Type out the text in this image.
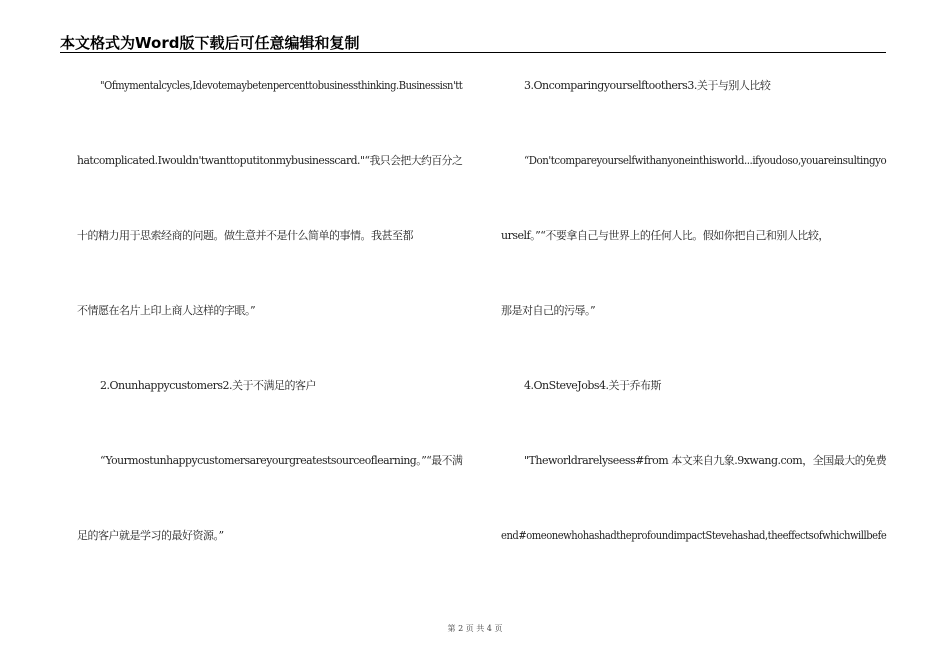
本文格式为Word版下载后可任意编辑和复制
"Ofmymentalcycles,Idevotemaybetenpercenttobusinessthinking.Businessisn'tt
hatcomplicated.Iwouldn'twanttoputitonmybusinesscard."“我只会把大约百分之
十的精力用于思索经商的问题。做生意并不是什么简单的事情。我甚至都
不情愿在名片上印上商人这样的字眼。”
2.Onunhappycustomers2.关于不满足的客户
“Yourmostunhappycustomersareyourgreatestsourceoflearning。”“最不满
足的客户就是学习的最好资源。”
3.Oncomparingyourselftoothers3.关于与别人比较
“Don'tcompareyourselfwithanyoneinthisworld...ifyoudoso,youareinsultingyo
urself。”“不要拿自己与世界上的任何人比。假如你把自己和别人比较，
那是对自己的污辱。”
4.OnSteveJobs4.关于乔布斯
"Theworldrarelyseess#from 本文来自九象.9xwang.com，全国最大的免费
end#omeonewhohashadtheprofoundimpactStevehashad,theeffectsofwhichwillbefe
第 2 页 共 4 页
